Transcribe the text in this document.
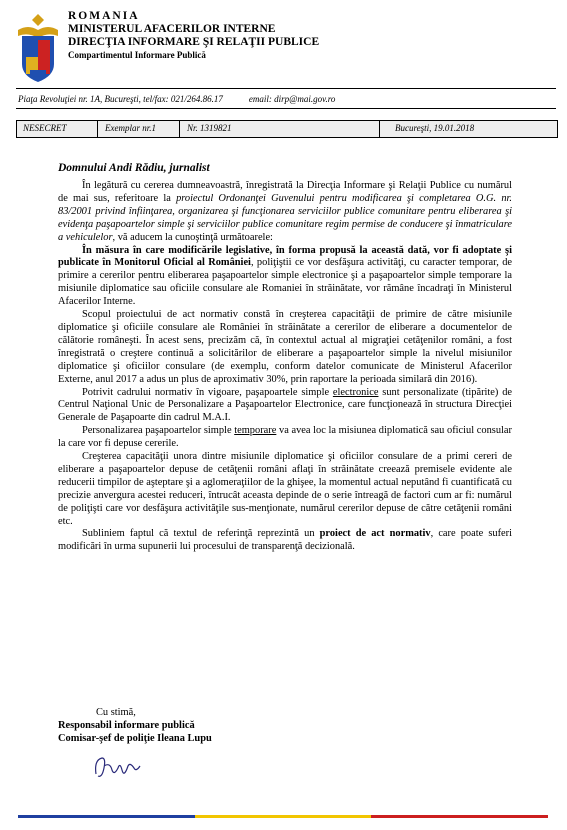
ROMANIA
MINISTERUL AFACERILOR INTERNE
DIRECŢIA INFORMARE ŞI RELAŢII PUBLICE
Compartimentul Informare Publică
Piaţa Revoluţiei nr. 1A, Bucureşti, tel/fax: 021/264.86.17	email: dirp@mai.gov.ro
NESECRET	Exemplar nr.1	Nr. 1319821	Bucureşti, 19.01.2018
Domnului Andi Rădiu, jurnalist

În legătură cu cererea dumneavoastră, înregistrată la Direcţia Informare şi Relaţii Publice cu numărul de mai sus, referitoare la proiectul Ordonanţei Guvenului pentru modificarea şi completarea O.G. nr. 83/2001 privind înfiinţarea, organizarea şi funcţionarea serviciilor publice comunitare pentru eliberarea şi evidenţa paşapoartelor simple şi serviciilor publice comunitare regim permise de conducere şi înmatriculare a vehiculelor, vă aducem la cunoştinţă următoarele:

În măsura în care modificările legislative, în forma propusă la această dată, vor fi adoptate şi publicate în Monitorul Oficial al României, poliţiştii ce vor desfăşura activităţi, cu caracter temporar, de primire a cererilor pentru eliberarea paşapoartelor simple electronice şi a paşapoartelor simple temporare la misiunile diplomatice sau oficiile consulare ale Romaniei în străinătate, vor rămâne încadraţi în Ministerul Afacerilor Interne.

Scopul proiectului de act normativ constă în creşterea capacităţii de primire de către misiunile diplomatice şi oficiile consulare ale României în străinătate a cererilor de eliberare a documentelor de călătorie româneşti. În acest sens, precizăm că, în contextul actual al migraţiei cetăţenilor români, a fost înregistrată o creştere continuă a solicitărilor de eliberare a paşapoartelor simple la nivelul misiunilor diplomatice şi oficiilor consulare (de exemplu, conform datelor comunicate de Ministerul Afacerilor Externe, anul 2017 a adus un plus de aproximativ 30%, prin raportare la perioada similară din 2016).

Potrivit cadrului normativ în vigoare, paşapoartele simple electronice sunt personalizate (tipărite) de Centrul Naţional Unic de Personalizare a Paşapoartelor Electronice, care funcţionează în structura Direcţiei Generale de Paşapoarte din cadrul M.A.I.

Personalizarea paşapoartelor simple temporare va avea loc la misiunea diplomatică sau oficiul consular la care vor fi depuse cererile.

Creşterea capacităţii unora dintre misiunile diplomatice şi oficiilor consulare de a primi cereri de eliberare a paşapoartelor depuse de cetăţenii români aflaţi în străinătate creează premisele evidente ale reducerii timpilor de aşteptare şi a aglomeraţiilor de la ghişee, la momentul actual neputând fi cuantificată cu precizie anvergura acestei reduceri, întrucât aceasta depinde de o serie întreagă de factori cum ar fi: numărul de poliţişti care vor desfăşura activităţile sus-menţionate, numărul cererilor depuse de către cetăţenii români etc.

Subliniem faptul că textul de referinţă reprezintă un proiect de act normativ, care poate suferi modificări în urma supunerii lui procesului de transparenţă decizională.

Cu stimă,
Responsabil informare publică
Comisar-şef de poliţie Ileana Lupu
